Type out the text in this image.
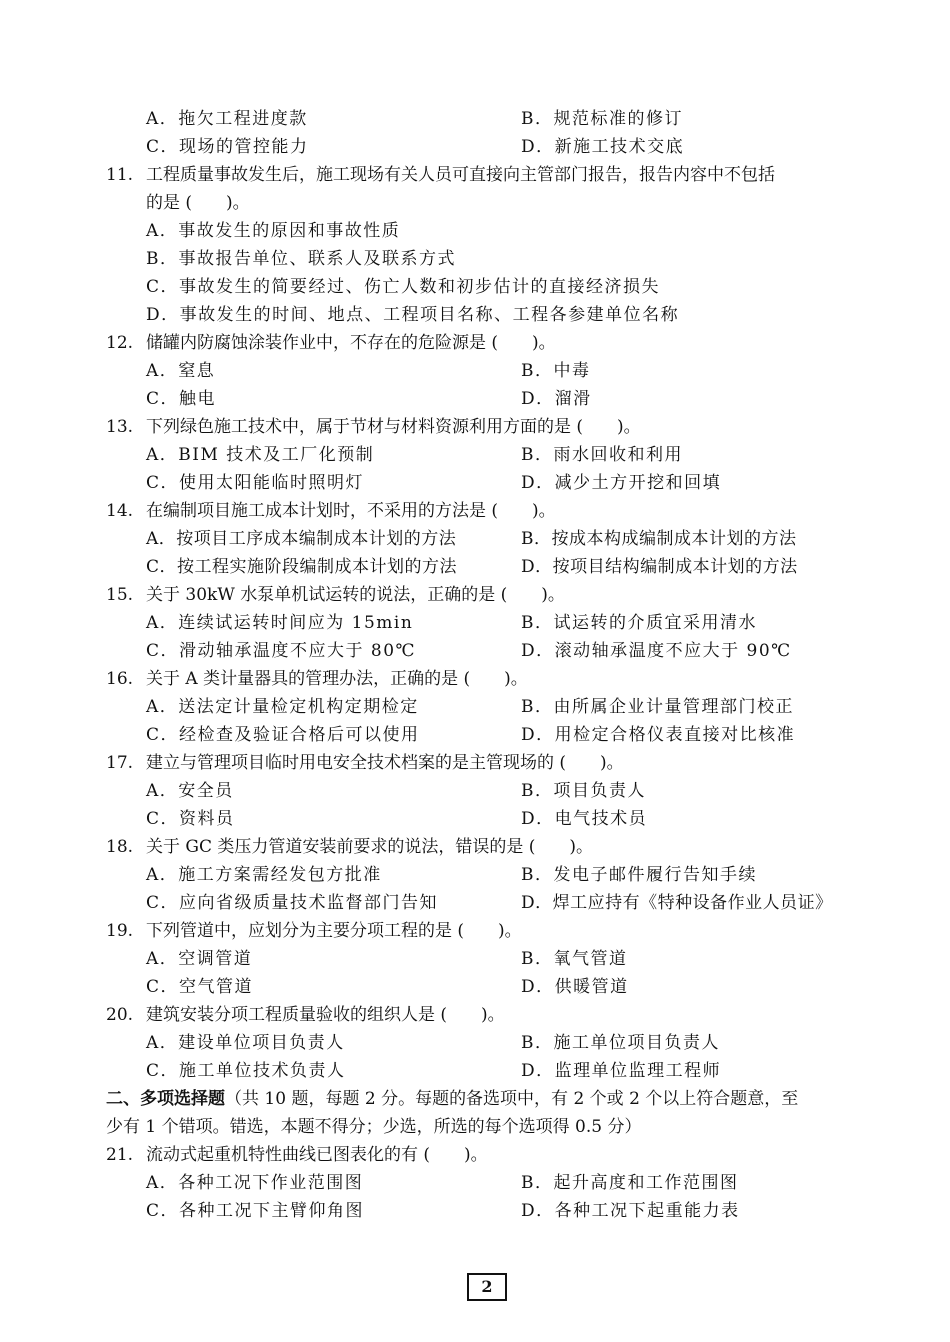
A．拖欠工程进度款	B．规范标准的修订
C．现场的管控能力	D．新施工技术交底
11. 工程质量事故发生后，施工现场有关人员可直接向主管部门报告，报告内容中不包括
的是 (　　)。
A．事故发生的原因和事故性质
B．事故报告单位、联系人及联系方式
C．事故发生的简要经过、伤亡人数和初步估计的直接经济损失
D．事故发生的时间、地点、工程项目名称、工程各参建单位名称
12. 储罐内防腐蚀涂装作业中，不存在的危险源是 (　　)。
A．窒息	B．中毒
C．触电	D．溜滑
13. 下列绿色施工技术中，属于节材与材料资源利用方面的是 (　　)。
A．BIM 技术及工厂化预制	B．雨水回收和利用
C．使用太阳能临时照明灯	D．减少土方开挖和回填
14. 在编制项目施工成本计划时，不采用的方法是 (　　)。
A．按项目工序成本编制成本计划的方法	B．按成本构成编制成本计划的方法
C．按工程实施阶段编制成本计划的方法	D．按项目结构编制成本计划的方法
15. 关于 30kW 水泵单机试运转的说法，正确的是 (　　)。
A．连续试运转时间应为 15min	B．试运转的介质宜采用清水
C．滑动轴承温度不应大于 80℃	D．滚动轴承温度不应大于 90℃
16. 关于 A 类计量器具的管理办法，正确的是 (　　)。
A．送法定计量检定机构定期检定	B．由所属企业计量管理部门校正
C．经检查及验证合格后可以使用	D．用检定合格仪表直接对比核准
17. 建立与管理项目临时用电安全技术档案的是主管现场的 (　　)。
A．安全员	B．项目负责人
C．资料员	D．电气技术员
18. 关于 GC 类压力管道安装前要求的说法，错误的是 (　　)。
A．施工方案需经发包方批准	B．发电子邮件履行告知手续
C．应向省级质量技术监督部门告知	D．焊工应持有《特种设备作业人员证》
19. 下列管道中，应划分为主要分项工程的是 (　　)。
A．空调管道	B．氧气管道
C．空气管道	D．供暖管道
20. 建筑安装分项工程质量验收的组织人是 (　　)。
A．建设单位项目负责人	B．施工单位项目负责人
C．施工单位技术负责人	D．监理单位监理工程师
二、多项选择题（共 10 题，每题 2 分。每题的备选项中，有 2 个或 2 个以上符合题意，至
少有 1 个错项。错选，本题不得分；少选，所选的每个选项得 0.5 分）
21. 流动式起重机特性曲线已图表化的有 (　　)。
A．各种工况下作业范围图	B．起升高度和工作范围图
C．各种工况下主臂仰角图	D．各种工况下起重能力表
2
